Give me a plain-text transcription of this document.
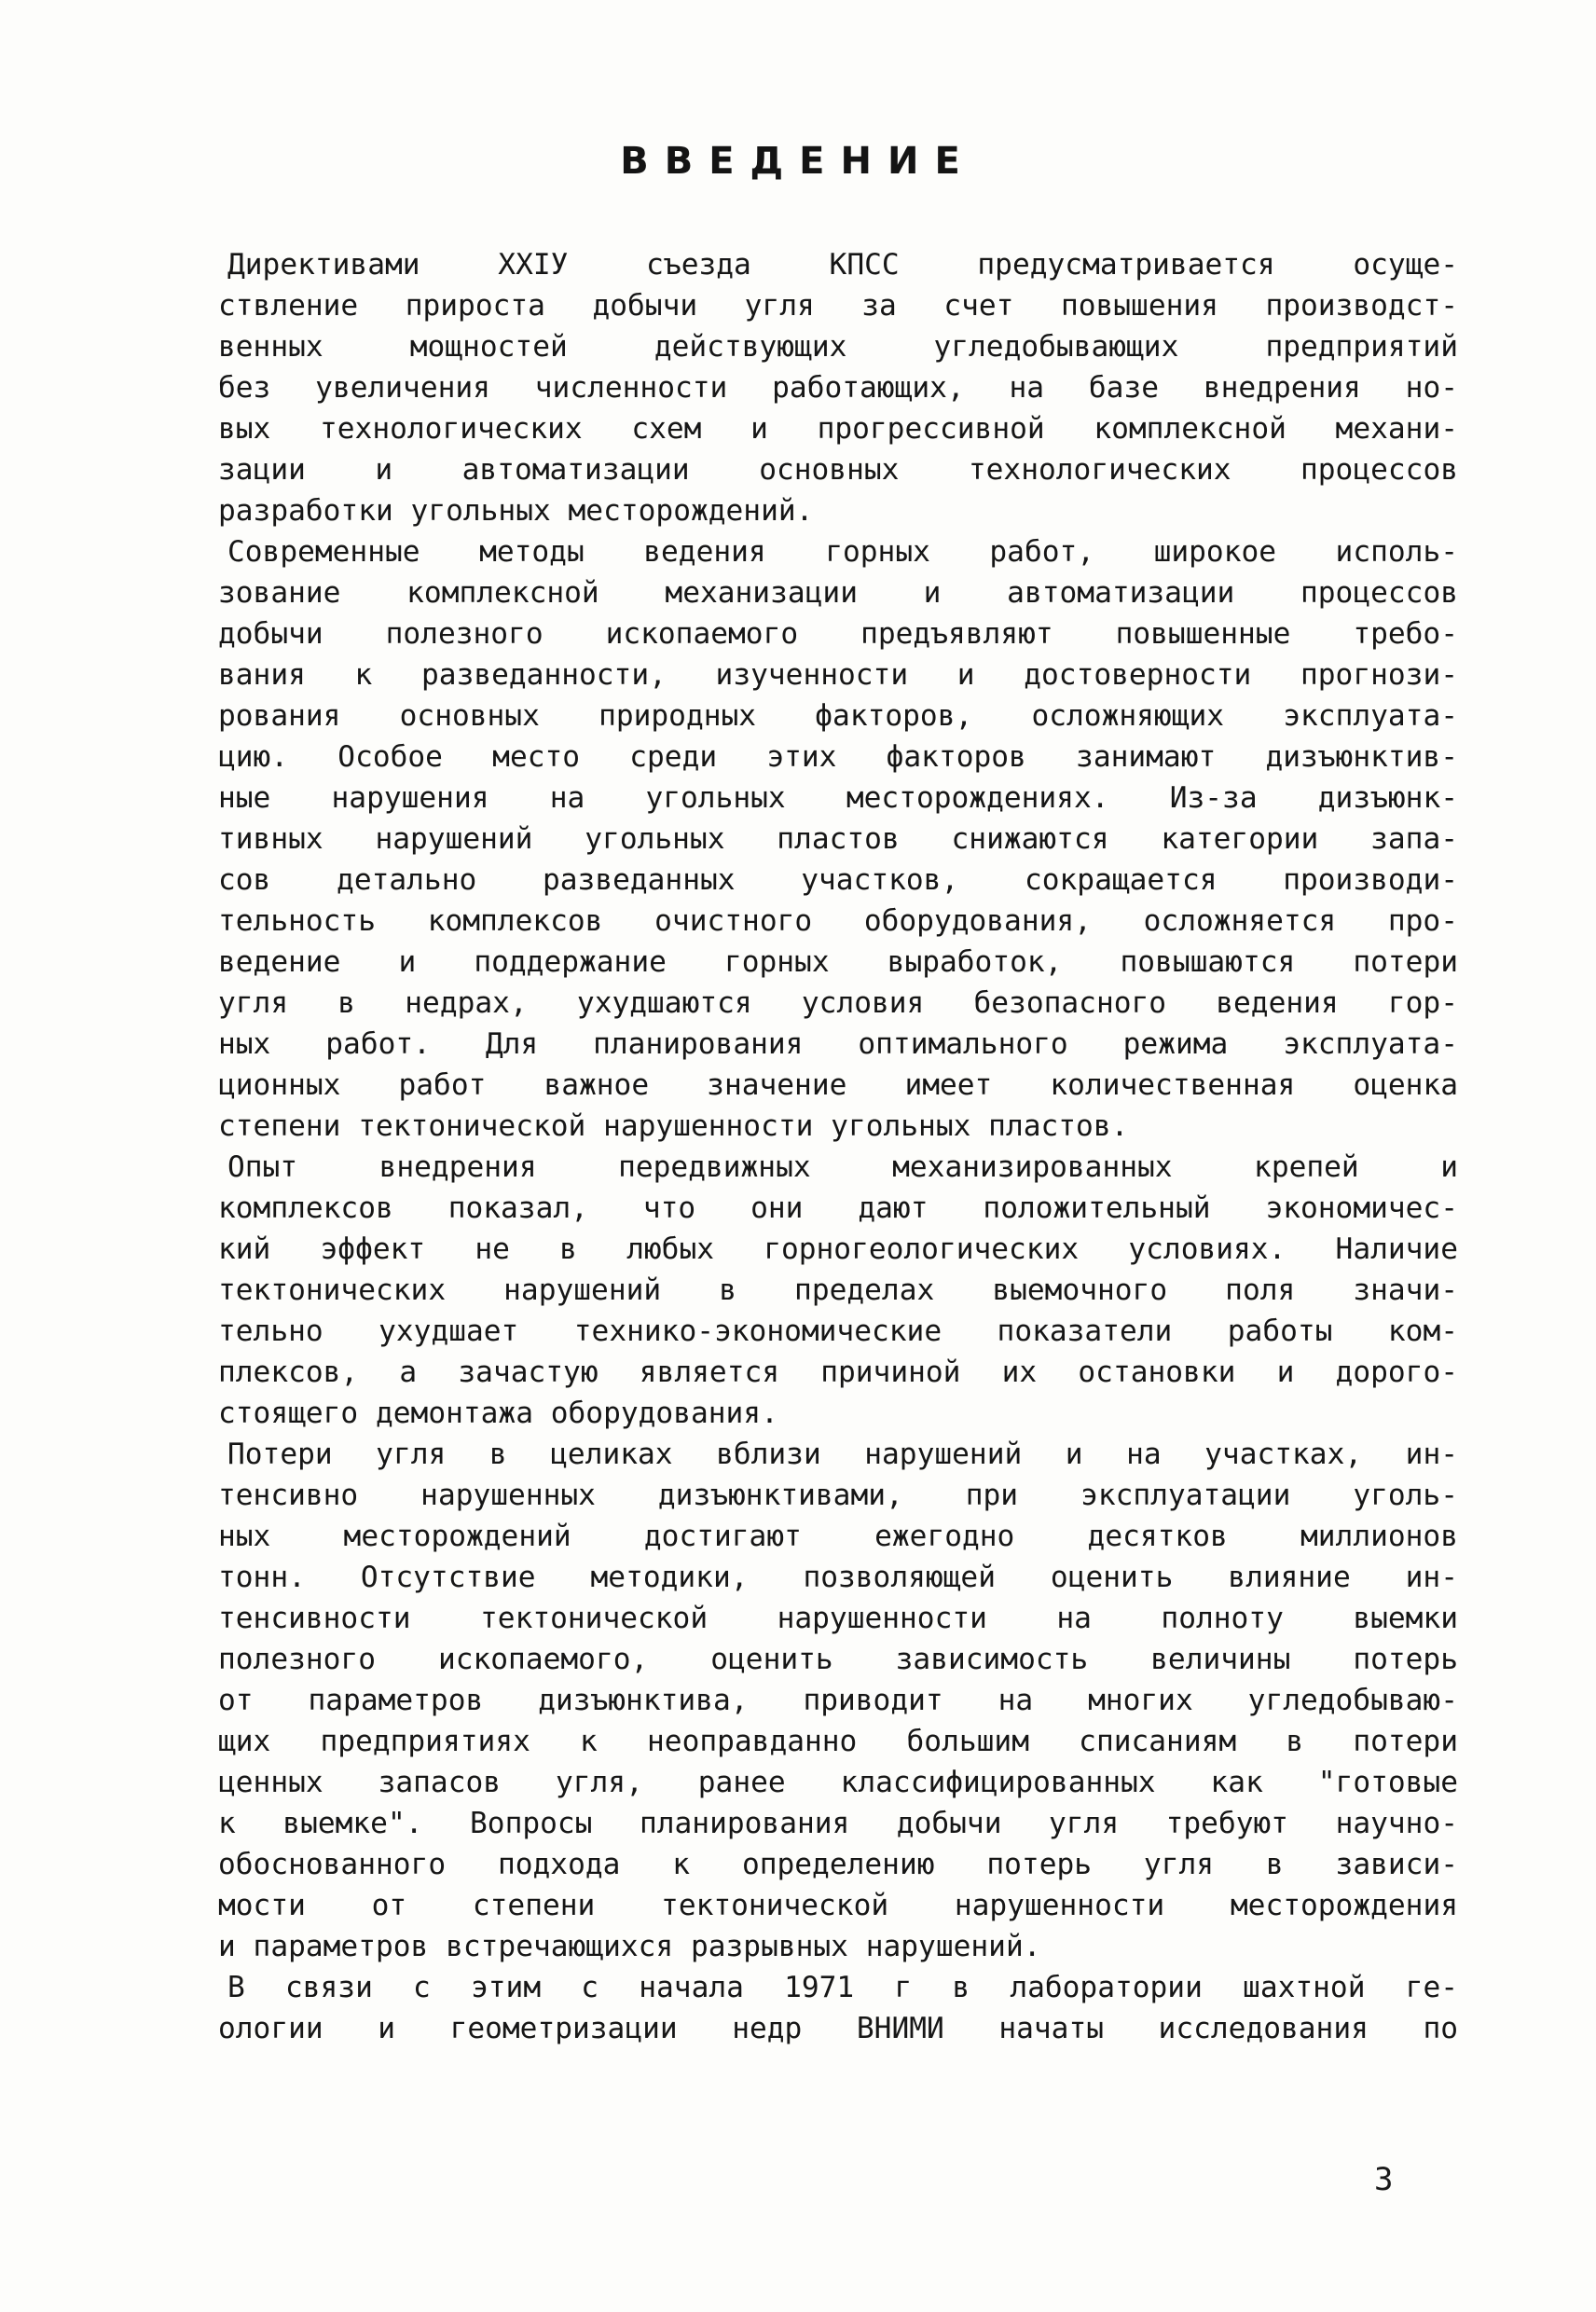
ВВЕДЕНИЕ
Директивами ХХIУ съезда КПСС предусматривается осуще-
ствление прироста добычи угля за счет повышения производст-
венных мощностей действующих угледобывающих предприятий
без увеличения численности работающих, на базе внедрения но-
вых технологических схем и прогрессивной комплексной механи-
зации и автоматизации основных технологических процессов
разработки угольных месторождений.
Современные методы ведения горных работ, широкое исполь-
зование комплексной механизации и автоматизации процессов
добычи полезного ископаемого предъявляют повышенные требо-
вания к разведанности, изученности и достоверности прогнози-
рования основных природных факторов, осложняющих эксплуата-
цию. Особое место среди этих факторов занимают дизъюнктив-
ные нарушения на угольных месторождениях. Из-за дизъюнк-
тивных нарушений угольных пластов снижаются категории запа-
сов детально разведанных участков, сокращается производи-
тельность комплексов очистного оборудования, осложняется про-
ведение и поддержание горных выработок, повышаются потери
угля в недрах, ухудшаются условия безопасного ведения гор-
ных работ. Для планирования оптимального режима эксплуата-
ционных работ важное значение имеет количественная оценка
степени тектонической нарушенности угольных пластов.
Опыт внедрения передвижных механизированных крепей и
комплексов показал, что они дают положительный экономичес-
кий эффект не в любых горногеологических условиях. Наличие
тектонических нарушений в пределах выемочного поля значи-
тельно ухудшает технико-экономические показатели работы ком-
плексов, а зачастую является причиной их остановки и дорого-
стоящего демонтажа оборудования.
Потери угля в целиках вблизи нарушений и на участках, ин-
тенсивно нарушенных дизъюнктивами, при эксплуатации уголь-
ных месторождений достигают ежегодно десятков миллионов
тонн. Отсутствие методики, позволяющей оценить влияние ин-
тенсивности тектонической нарушенности на полноту выемки
полезного ископаемого, оценить зависимость величины потерь
от параметров дизъюнктива, приводит на многих угледобываю-
щих предприятиях к неоправданно большим списаниям в потери
ценных запасов угля, ранее классифицированных как "готовые
к выемке". Вопросы планирования добычи угля требуют научно-
обоснованного подхода к определению потерь угля в зависи-
мости от степени тектонической нарушенности месторождения
и параметров встречающихся разрывных нарушений.
В связи с этим с начала 1971 г в лаборатории шахтной ге-
ологии и геометризации недр ВНИМИ начаты исследования по
3
